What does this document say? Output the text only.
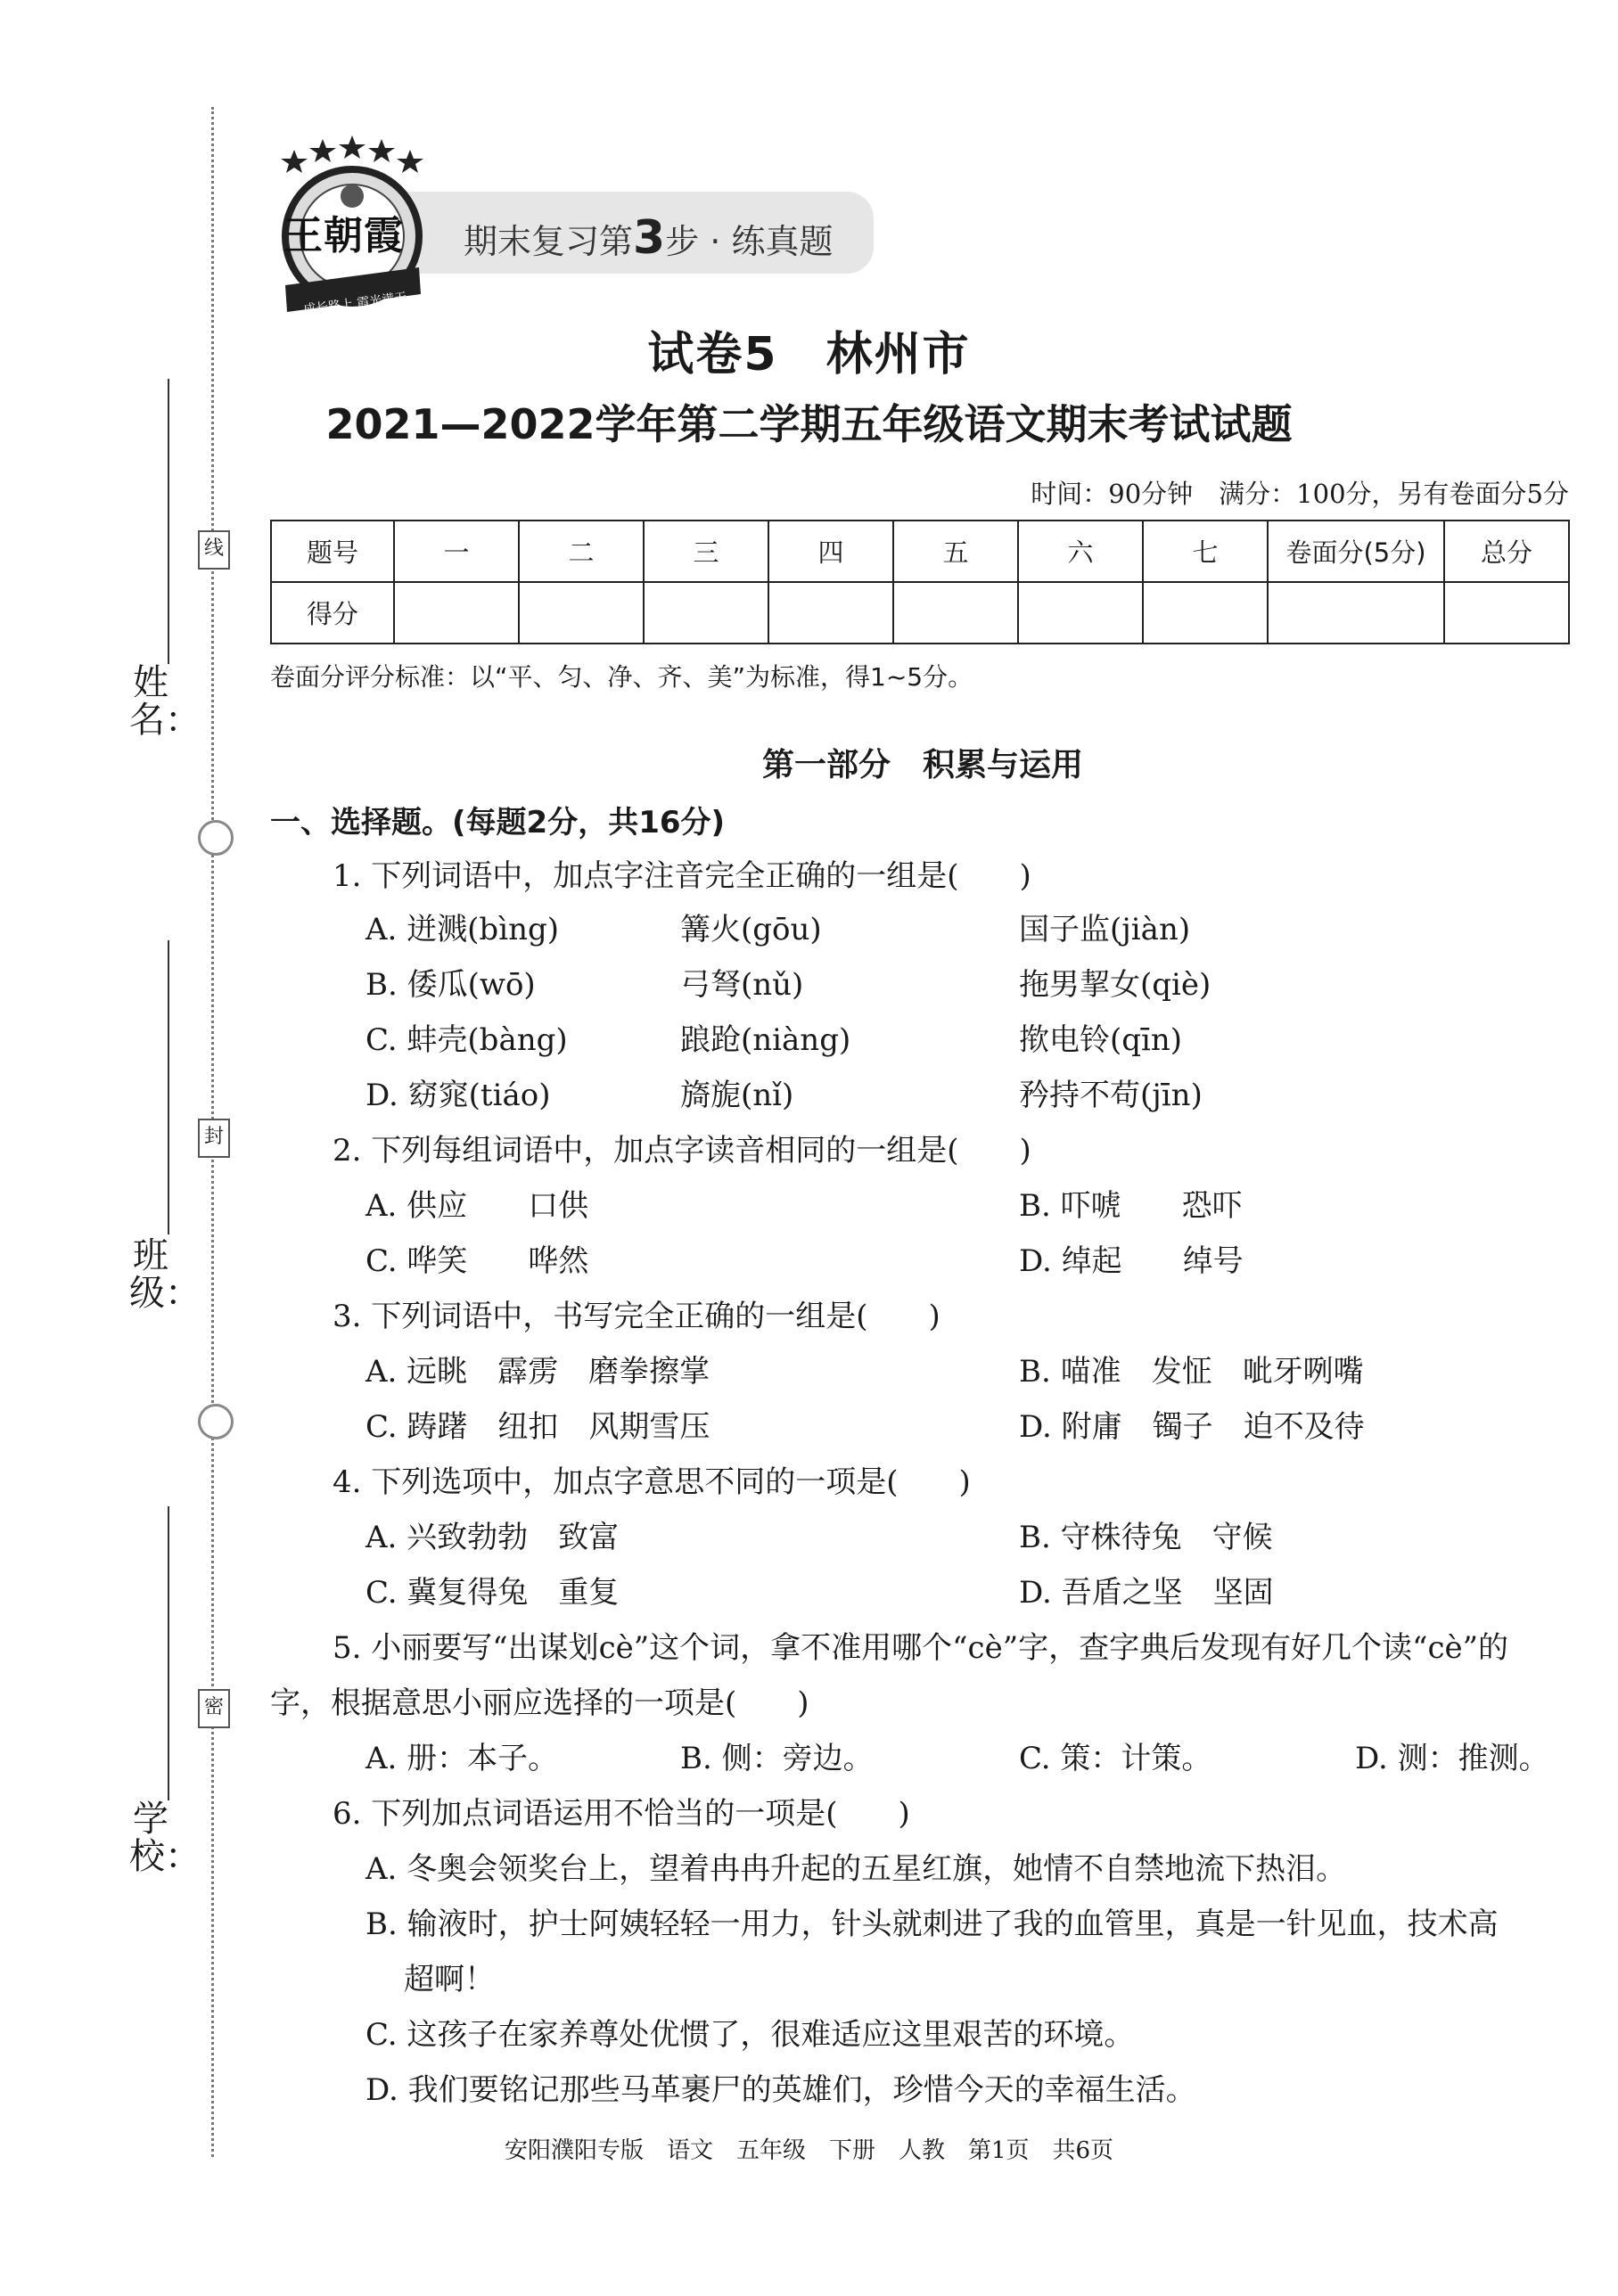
线
封
密
姓名：
班级：
学校：
王朝霞
成长路上 霞光满天
期末复习第3步 · 练真题
试卷5　林州市
2021—2022学年第二学期五年级语文期末考试试题
时间：90分钟　满分：100分，另有卷面分5分
题号	一	二	三	四	五	六	七	卷面分(5分)	总分
得分									
卷面分评分标准：以“平、匀、净、齐、美”为标准，得1~5分。
第一部分　积累与运用
一、选择题。(每题2分，共16分)
1. 下列词语中，加点字注音完全正确的一组是(　　)
A. 迸溅(bìng)	篝火(gōu)	国子监(jiàn)
B. 倭瓜(wō)	弓弩(nǔ)	拖男挈女(qiè)
C. 蚌壳(bàng)	踉跄(niàng)	揿电铃(qīn)
D. 窈窕(tiáo)	旖旎(nǐ)	矜持不苟(jīn)
2. 下列每组词语中，加点字读音相同的一组是(　　)
A. 供应　　口供	B. 吓唬　　恐吓
C. 哗笑　　哗然	D. 绰起　　绰号
3. 下列词语中，书写完全正确的一组是(　　)
A. 远眺　霹雳　磨拳擦掌	B. 喵准　发怔　呲牙咧嘴
C. 踌躇　纽扣　风期雪压	D. 附庸　镯子　迫不及待
4. 下列选项中，加点字意思不同的一项是(　　)
A. 兴致勃勃　致富	B. 守株待兔　守候
C. 冀复得兔　重复	D. 吾盾之坚　坚固
5. 小丽要写“出谋划cè”这个词，拿不准用哪个“cè”字，查字典后发现有好几个读“cè”的
字，根据意思小丽应选择的一项是(　　)
A. 册：本子。	B. 侧：旁边。	C. 策：计策。	D. 测：推测。
6. 下列加点词语运用不恰当的一项是(　　)
A. 冬奥会领奖台上，望着冉冉升起的五星红旗，她情不自禁地流下热泪。
B. 输液时，护士阿姨轻轻一用力，针头就刺进了我的血管里，真是一针见血，技术高
超啊！
C. 这孩子在家养尊处优惯了，很难适应这里艰苦的环境。
D. 我们要铭记那些马革裹尸的英雄们，珍惜今天的幸福生活。
安阳濮阳专版　语文　五年级　下册　人教　第1页　共6页
